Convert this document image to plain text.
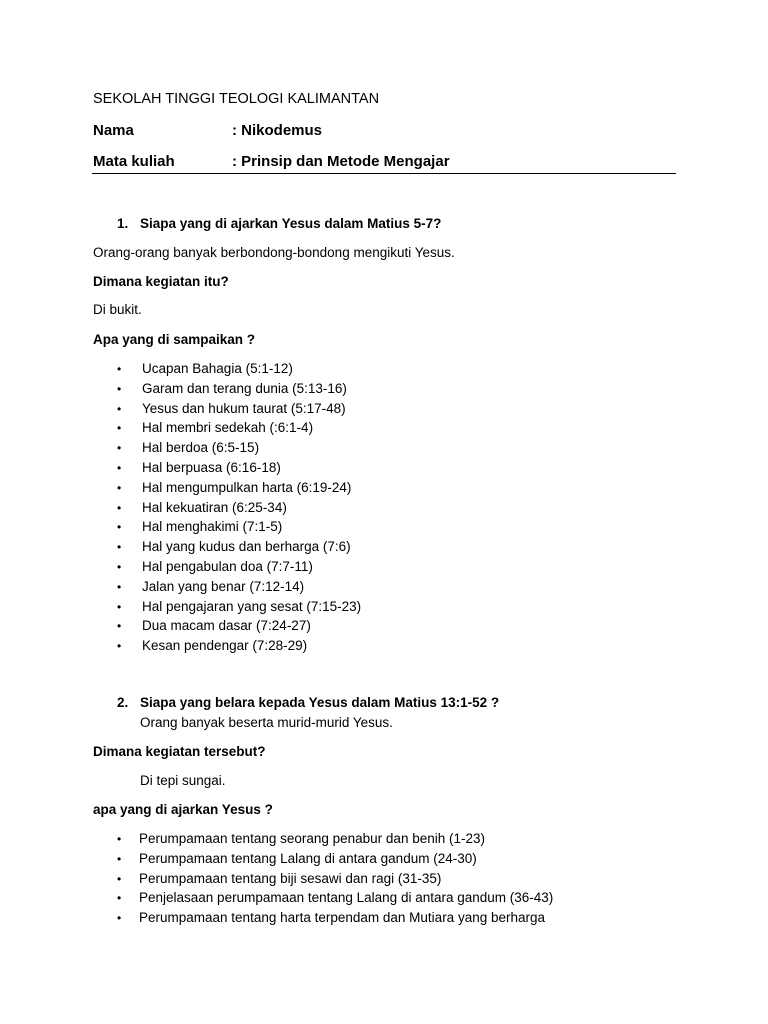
SEKOLAH TINGGI TEOLOGI KALIMANTAN
Nama	: Nikodemus
Mata kuliah	: Prinsip dan Metode Mengajar
1. Siapa yang di ajarkan Yesus dalam Matius 5-7?
Orang-orang banyak berbondong-bondong mengikuti Yesus.
Dimana kegiatan itu?
Di bukit.
Apa yang di sampaikan ?
• Ucapan Bahagia (5:1-12)
• Garam dan terang dunia (5:13-16)
• Yesus dan hukum taurat (5:17-48)
• Hal membri sedekah (:6:1-4)
• Hal berdoa (6:5-15)
• Hal berpuasa (6:16-18)
• Hal mengumpulkan harta (6:19-24)
• Hal kekuatiran (6:25-34)
• Hal menghakimi (7:1-5)
• Hal yang kudus dan berharga (7:6)
• Hal pengabulan doa (7:7-11)
• Jalan yang benar (7:12-14)
• Hal pengajaran yang sesat (7:15-23)
• Dua macam dasar (7:24-27)
• Kesan pendengar (7:28-29)
2. Siapa yang belara kepada Yesus dalam Matius 13:1-52 ?
Orang banyak beserta murid-murid Yesus.
Dimana kegiatan tersebut?
Di tepi sungai.
apa yang di ajarkan Yesus ?
• Perumpamaan tentang seorang penabur dan benih (1-23)
• Perumpamaan tentang Lalang di antara gandum (24-30)
• Perumpamaan tentang biji sesawi dan ragi (31-35)
• Penjelasaan perumpamaan tentang Lalang di antara gandum (36-43)
• Perumpamaan tentang harta terpendam dan Mutiara yang berharga
